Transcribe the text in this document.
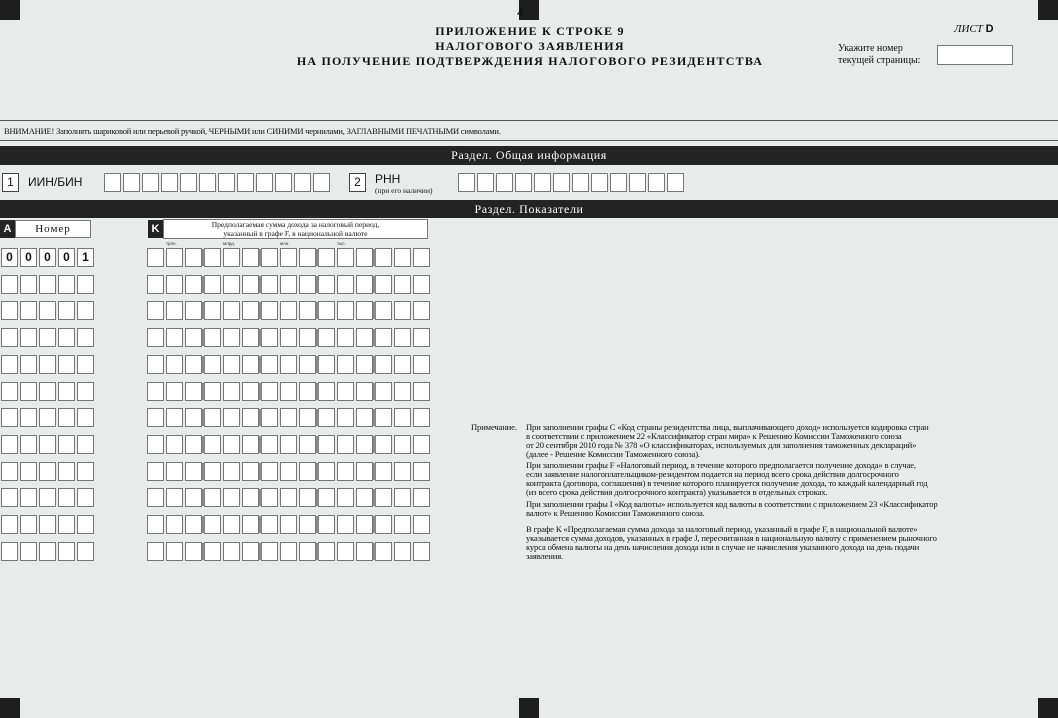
4
ПРИЛОЖЕНИЕ К СТРОКЕ 9
НАЛОГОВОГО ЗАЯВЛЕНИЯ
НА ПОЛУЧЕНИЕ ПОДТВЕРЖДЕНИЯ НАЛОГОВОГО РЕЗИДЕНТСТВА
ЛИСТ D
Укажите номер
текущей страницы:
ВНИМАНИЕ! Заполнять шариковой или перьевой ручкой, ЧЕРНЫМИ или СИНИМИ чернилами, ЗАГЛАВНЫМИ ПЕЧАТНЫМИ символами.
Раздел. Общая информация
1	ИИН/БИН	2	РНН
(при его наличии)
Раздел. Показатели
A	Номер	K	Предполагаемая сумма дохода за налоговый период,
указанный в графе F, в национальной валюте
трлн.	млрд.	млн.	тыс.
0	0	0	0	1
Примечание. При заполнении графы С «Код страны резидентства лица, выплачивающего доход» используется кодировка стран
в соответствии с приложением 22 «Классификатор стран мира» к Решению Комиссии Таможенного союза
от 20 сентября 2010 года № 378 «О классификаторах, используемых для заполнения таможенных деклараций»
(далее - Решение Комиссии Таможенного союза).
При заполнении графы F «Налоговый период, в течение которого предполагается получение дохода» в случае,
если заявление налогоплательщиком-резидентом подается на период всего срока действия долгосрочного
контракта (договора, соглашения) в течение которого планируется получение дохода, то каждый календарный год
(из всего срока действия долгосрочного контракта) указывается в отдельных строках.
При заполнении графы I «Код валюты» используется код валюты в соответствии с приложением 23 «Классификатор
валют» к Решению Комиссии Таможенного союза.
В графе К «Предполагаемая сумма дохода за налоговый период, указанный в графе F, в национальной валюте»
указывается сумма доходов, указанных в графе J, пересчитанная в национальную валюту с применением рыночного
курса обмена валюты на день начисления дохода или в случае не начисления указанного дохода на день подачи
заявления.
